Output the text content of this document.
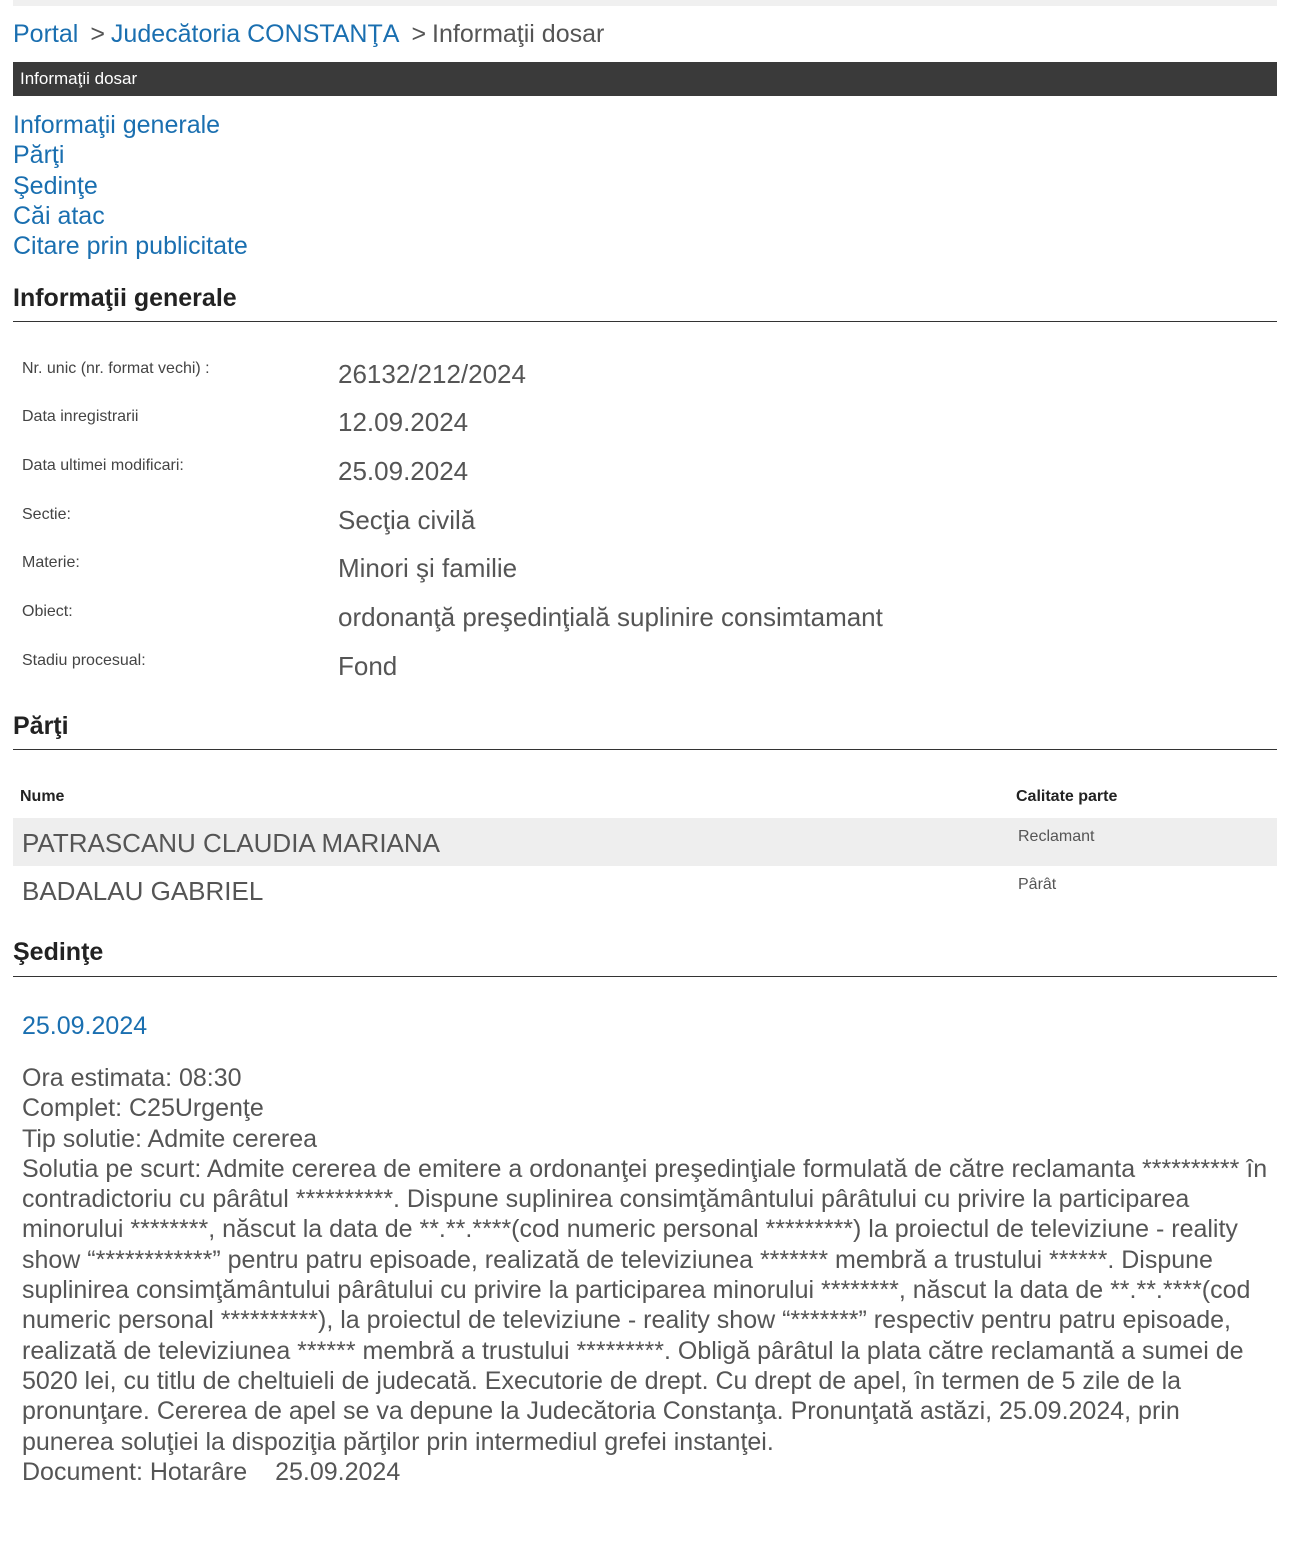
Portal > Judecătoria CONSTANŢA > Informaţii dosar
Informaţii dosar
Informaţii generale
Părţi
Şedinţe
Căi atac
Citare prin publicitate
Informaţii generale
Nr. unic (nr. format vechi) :	26132/212/2024
Data inregistrarii	12.09.2024
Data ultimei modificari:	25.09.2024
Sectie:	Secţia civilă
Materie:	Minori şi familie
Obiect:	ordonanţă preşedinţială suplinire consimtamant
Stadiu procesual:	Fond
Părţi
Nume	Calitate parte
PATRASCANU CLAUDIA MARIANA	Reclamant
BADALAU GABRIEL	Pârât
Şedinţe
25.09.2024
Ora estimata: 08:30
Complet: C25Urgenţe
Tip solutie: Admite cererea
Solutia pe scurt: Admite cererea de emitere a ordonanţei preşedinţiale formulată de către reclamanta ********** în contradictoriu cu pârâtul **********. Dispune suplinirea consimţământului pârâtului cu privire la participarea minorului ********, născut la data de **.**.****(cod numeric personal *********) la proiectul de televiziune - reality show “************” pentru patru episoade, realizată de televiziunea ******* membră a trustului ******. Dispune suplinirea consimţământului pârâtului cu privire la participarea minorului ********, născut la data de **.**.****(cod numeric personal **********), la proiectul de televiziune - reality show “*******” respectiv pentru patru episoade, realizată de televiziunea ****** membră a trustului *********. Obligă pârâtul la plata către reclamantă a sumei de 5020 lei, cu titlu de cheltuieli de judecată. Executorie de drept. Cu drept de apel, în termen de 5 zile de la pronunţare. Cererea de apel se va depune la Judecătoria Constanţa. Pronunţată astăzi, 25.09.2024, prin punerea soluţiei la dispoziţia părţilor prin intermediul grefei instanţei.
Document: Hotarâre 25.09.2024
